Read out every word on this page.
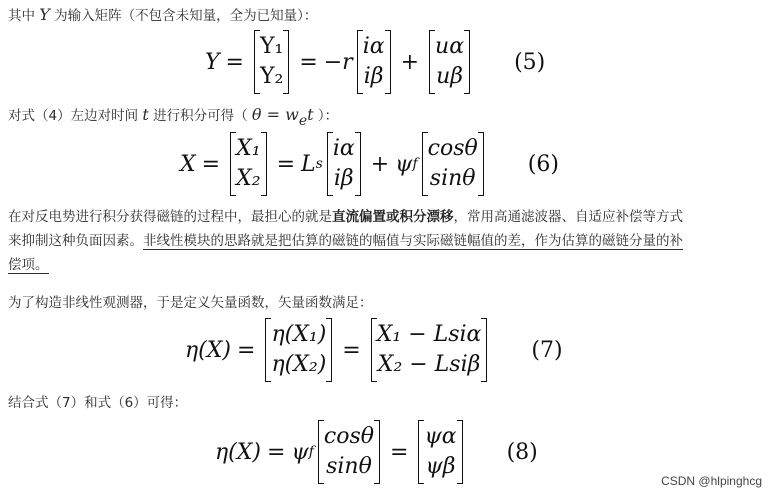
其中 Y 为输入矩阵（不包含未知量，全为已知量）：
Y =
Y₁
Y₂
= −r
iα
iβ
+
uα
uβ
(5)
对式（4）左边对时间 t 进行积分可得（ θ = wet ）：
X =
X₁
X₂
= L s
iα
iβ
+ ψ f
cosθ
sinθ
(6)
在对反电势进行积分获得磁链的过程中，最担心的就是直流偏置或积分漂移，常用高通滤波器、自适应补偿等方式
来抑制这种负面因素。非线性模块的思路就是把估算的磁链的幅值与实际磁链幅值的差，作为估算的磁链分量的补
偿项。
为了构造非线性观测器，于是定义矢量函数，矢量函数满足：
η(X) =
η(X₁)
η(X₂)
=
X₁ − Lsiα
X₂ − Lsiβ
(7)
结合式（7）和式（6）可得：
η(X) = ψ f
cosθ
sinθ
=
ψα
ψβ
(8)
CSDN @hlpinghcg
